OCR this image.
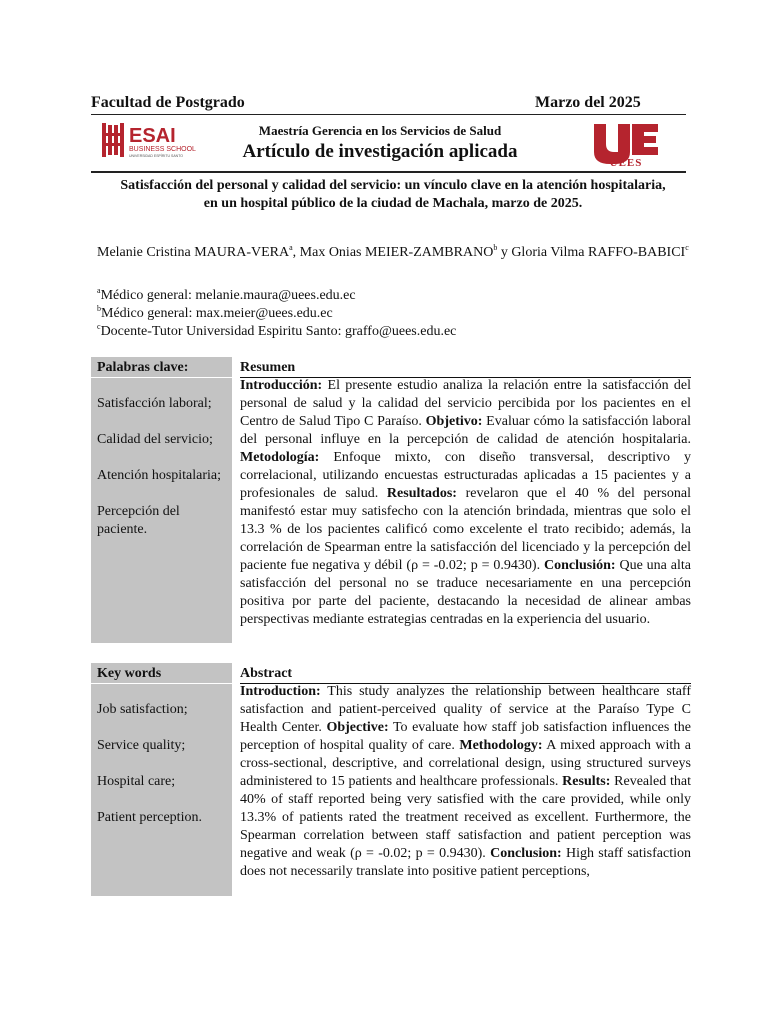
Facultad de Postgrado	Marzo del 2025
ESAI
BUSINESS SCHOOL
UNIVERSIDAD ESPÍRITU SANTO
Maestría Gerencia en los Servicios de Salud
Artículo de investigación aplicada
UEES
Satisfacción del personal y calidad del servicio: un vínculo clave en la atención hospitalaria,
en un hospital público de la ciudad de Machala, marzo de 2025.
Melanie Cristina MAURA-VERA$^a$, Max Onias MEIER-ZAMBRANO$^b$ y Gloria Vilma RAFFO-BABICI$^c$
$^a$Médico general: melanie.maura@uees.edu.ec
$^b$Médico general: max.meier@uees.edu.ec
$^c$Docente-Tutor Universidad Espiritu Santo: graffo@uees.edu.ec
Palabras clave:
Satisfacción laboral;
Calidad del servicio;
Atención hospitalaria;
Percepción del paciente.
Resumen
Introducción: El presente estudio analiza la relación entre la satisfacción del personal de salud y la calidad del servicio percibida por los pacientes en el Centro de Salud Tipo C Paraíso. Objetivo: Evaluar cómo la satisfacción laboral del personal influye en la percepción de calidad de atención hospitalaria. Metodología: Enfoque mixto, con diseño transversal, descriptivo y correlacional, utilizando encuestas estructuradas aplicadas a 15 pacientes y a profesionales de salud. Resultados: revelaron que el 40 % del personal manifestó estar muy satisfecho con la atención brindada, mientras que solo el 13.3 % de los pacientes calificó como excelente el trato recibido; además, la correlación de Spearman entre la satisfacción del licenciado y la percepción del paciente fue negativa y débil (ρ = -0.02; p = 0.9430). Conclusión: Que una alta satisfacción del personal no se traduce necesariamente en una percepción positiva por parte del paciente, destacando la necesidad de alinear ambas perspectivas mediante estrategias centradas en la experiencia del usuario.
Key words
Job satisfaction;
Service quality;
Hospital care;
Patient perception.
Abstract
Introduction: This study analyzes the relationship between healthcare staff satisfaction and patient-perceived quality of service at the Paraíso Type C Health Center. Objective: To evaluate how staff job satisfaction influences the perception of hospital quality of care. Methodology: A mixed approach with a cross-sectional, descriptive, and correlational design, using structured surveys administered to 15 patients and healthcare professionals. Results: Revealed that 40% of staff reported being very satisfied with the care provided, while only 13.3% of patients rated the treatment received as excellent. Furthermore, the Spearman correlation between staff satisfaction and patient perception was negative and weak (ρ = -0.02; p = 0.9430). Conclusion: High staff satisfaction does not necessarily translate into positive patient perceptions,
